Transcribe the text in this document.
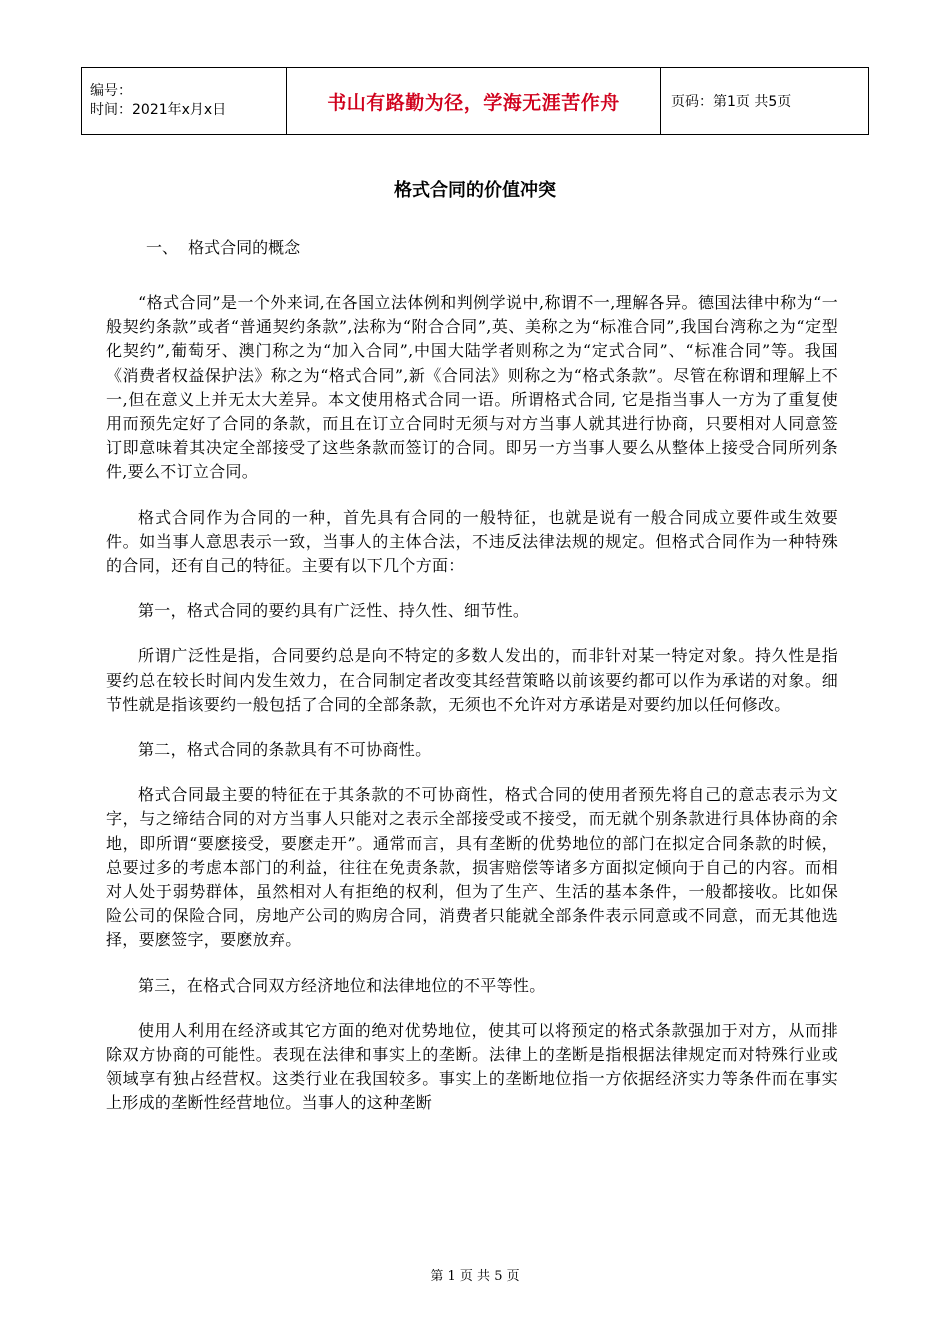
编号：
时间：2021年x月x日	书山有路勤为径，学海无涯苦作舟	页码：第1页 共5页
格式合同的价值冲突
一、  格式合同的概念

“格式合同”是一个外来词,在各国立法体例和判例学说中,称谓不一,理解各异。德国法律中称为“一般契约条款”或者“普通契约条款”,法称为“附合合同”,英、美称之为“标准合同”,我国台湾称之为“定型化契约”,葡萄牙、澳门称之为“加入合同”,中国大陆学者则称之为“定式合同”、“标准合同”等。我国《消费者权益保护法》称之为“格式合同”,新《合同法》则称之为“格式条款”。尽管在称谓和理解上不一,但在意义上并无太大差异。本文使用格式合同一语。所谓格式合同, 它是指当事人一方为了重复使用而预先定好了合同的条款，而且在订立合同时无须与对方当事人就其进行协商，只要相对人同意签订即意味着其决定全部接受了这些条款而签订的合同。即另一方当事人要么从整体上接受合同所列条件,要么不订立合同。

格式合同作为合同的一种，首先具有合同的一般特征，也就是说有一般合同成立要件或生效要件。如当事人意思表示一致，当事人的主体合法，不违反法律法规的规定。但格式合同作为一种特殊的合同，还有自己的特征。主要有以下几个方面：

第一，格式合同的要约具有广泛性、持久性、细节性。

所谓广泛性是指，合同要约总是向不特定的多数人发出的，而非针对某一特定对象。持久性是指要约总在较长时间内发生效力，在合同制定者改变其经营策略以前该要约都可以作为承诺的对象。细节性就是指该要约一般包括了合同的全部条款，无须也不允许对方承诺是对要约加以任何修改。

第二，格式合同的条款具有不可协商性。

格式合同最主要的特征在于其条款的不可协商性，格式合同的使用者预先将自己的意志表示为文字，与之缔结合同的对方当事人只能对之表示全部接受或不接受，而无就个别条款进行具体协商的余地，即所谓“要麽接受，要麽走开”。通常而言，具有垄断的优势地位的部门在拟定合同条款的时候，总要过多的考虑本部门的利益，往往在免责条款，损害赔偿等诸多方面拟定倾向于自己的内容。而相对人处于弱势群体，虽然相对人有拒绝的权利，但为了生产、生活的基本条件，一般都接收。比如保险公司的保险合同，房地产公司的购房合同，消费者只能就全部条件表示同意或不同意，而无其他选择，要麽签字，要麽放弃。

第三，在格式合同双方经济地位和法律地位的不平等性。

使用人利用在经济或其它方面的绝对优势地位，使其可以将预定的格式条款强加于对方，从而排除双方协商的可能性。表现在法律和事实上的垄断。法律上的垄断是指根据法律规定而对特殊行业或领域享有独占经营权。这类行业在我国较多。事实上的垄断地位指一方依据经济实力等条件而在事实上形成的垄断性经营地位。当事人的这种垄断

第 1 页 共 5 页
